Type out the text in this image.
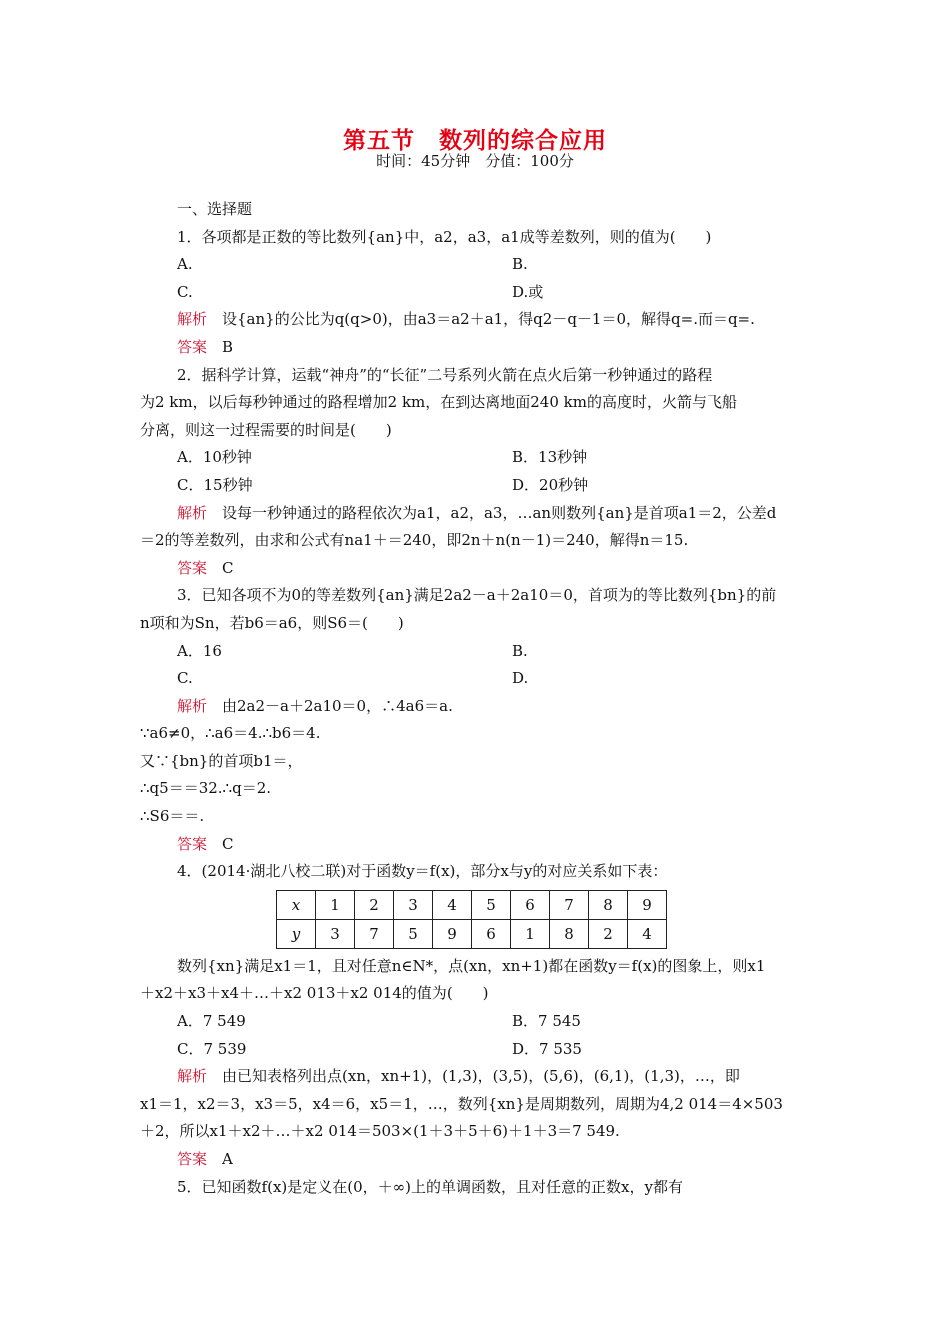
第五节　数列的综合应用
时间：45分钟　分值：100分
一、选择题
1．各项都是正数的等比数列{an}中，a2，a3，a1成等差数列，则的值为(　　)
A.	B.
C.	D.或
解析　设{an}的公比为q(q>0)，由a3＝a2＋a1，得q2－q－1＝0，解得q=.而＝q=.
答案　B
2．据科学计算，运载“神舟”的“长征”二号系列火箭在点火后第一秒钟通过的路程
为2 km，以后每秒钟通过的路程增加2 km，在到达离地面240 km的高度时，火箭与飞船
分离，则这一过程需要的时间是(　　)
A．10秒钟	B．13秒钟
C．15秒钟	D．20秒钟
解析　设每一秒钟通过的路程依次为a1，a2，a3，…an则数列{an}是首项a1＝2，公差d
＝2的等差数列，由求和公式有na1＋＝240，即2n＋n(n－1)＝240，解得n＝15.
答案　C
3．已知各项不为0的等差数列{an}满足2a2－a＋2a10＝0，首项为的等比数列{bn}的前
n项和为Sn，若b6＝a6，则S6＝(　　)
A．16	B.
C.	D.
解析　由2a2－a＋2a10＝0，∴4a6＝a.
∵a6≠0，∴a6＝4.∴b6＝4.
又∵{bn}的首项b1＝，
∴q5＝＝32.∴q＝2.
∴S6＝＝.
答案　C
4．(2014·湖北八校二联)对于函数y＝f(x)，部分x与y的对应关系如下表：
x	1	2	3	4	5	6	7	8	9
y	3	7	5	9	6	1	8	2	4
数列{xn}满足x1＝1，且对任意n∈N*，点(xn，xn+1)都在函数y＝f(x)的图象上，则x1
＋x2＋x3＋x4＋…＋x2 013＋x2 014的值为(　　)
A．7 549	B．7 545
C．7 539	D．7 535
解析　由已知表格列出点(xn，xn+1)，(1,3)，(3,5)，(5,6)，(6,1)，(1,3)，…，即
x1＝1，x2＝3，x3＝5，x4＝6，x5＝1，…，数列{xn}是周期数列，周期为4,2 014＝4×503
＋2，所以x1＋x2＋…＋x2 014＝503×(1＋3＋5＋6)＋1＋3＝7 549.
答案　A
5．已知函数f(x)是定义在(0，＋∞)上的单调函数，且对任意的正数x，y都有
